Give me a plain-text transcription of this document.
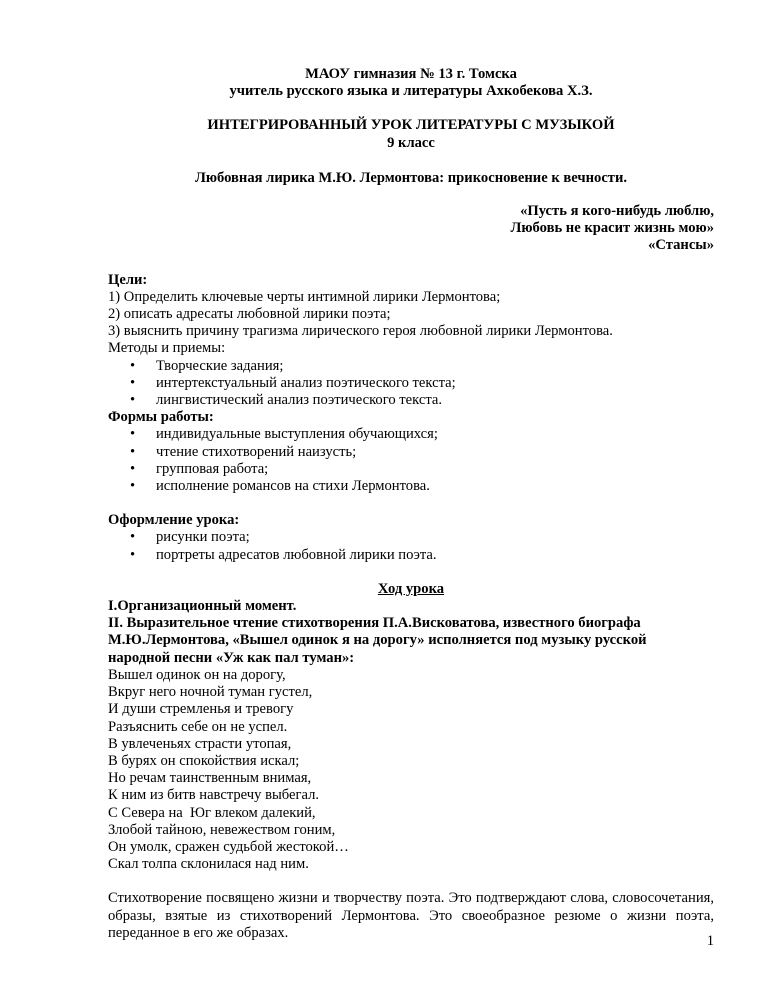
МАОУ гимназия № 13 г. Томска
учитель русского языка и литературы Ахкобекова Х.З.
ИНТЕГРИРОВАННЫЙ УРОК ЛИТЕРАТУРЫ С МУЗЫКОЙ
9 класс
Любовная лирика М.Ю. Лермонтова: прикосновение к вечности.
«Пусть я кого-нибудь люблю,
Любовь не красит жизнь мою»
«Стансы»
Цели:
1) Определить ключевые черты интимной лирики Лермонтова;
2) описать адресаты любовной лирики поэта;
3) выяснить причину трагизма лирического героя любовной лирики Лермонтова.
Методы и приемы:
• Творческие задания;
• интертекстуальный анализ поэтического текста;
• лингвистический анализ поэтического текста.
Формы работы:
• индивидуальные выступления обучающихся;
• чтение стихотворений наизусть;
• групповая работа;
• исполнение романсов на стихи Лермонтова.
Оформление урока:
• рисунки поэта;
• портреты адресатов любовной лирики поэта.
Ход урока
I.Организационный момент.
II. Выразительное чтение стихотворения П.А.Висковатова, известного биографа
М.Ю.Лермонтова, «Вышел одинок я на дорогу» исполняется под музыку русской
народной песни «Уж как пал туман»:
Вышел одинок он на дорогу,
Вкруг него ночной туман густел,
И души стремленья и тревогу
Разъяснить себе он не успел.
В увлеченьях страсти утопая,
В бурях он спокойствия искал;
Но речам таинственным внимая,
К ним из битв навстречу выбегал.
С Севера на  Юг влеком далекий,
Злобой тайною, невежеством гоним,
Он умолк, сражен судьбой жестокой…
Скал толпа склонилася над ним.
Стихотворение посвящено жизни и творчеству поэта. Это подтверждают слова, словосочетания, образы, взятые из стихотворений Лермонтова. Это своеобразное резюме о жизни поэта, переданное в его же образах.
1
